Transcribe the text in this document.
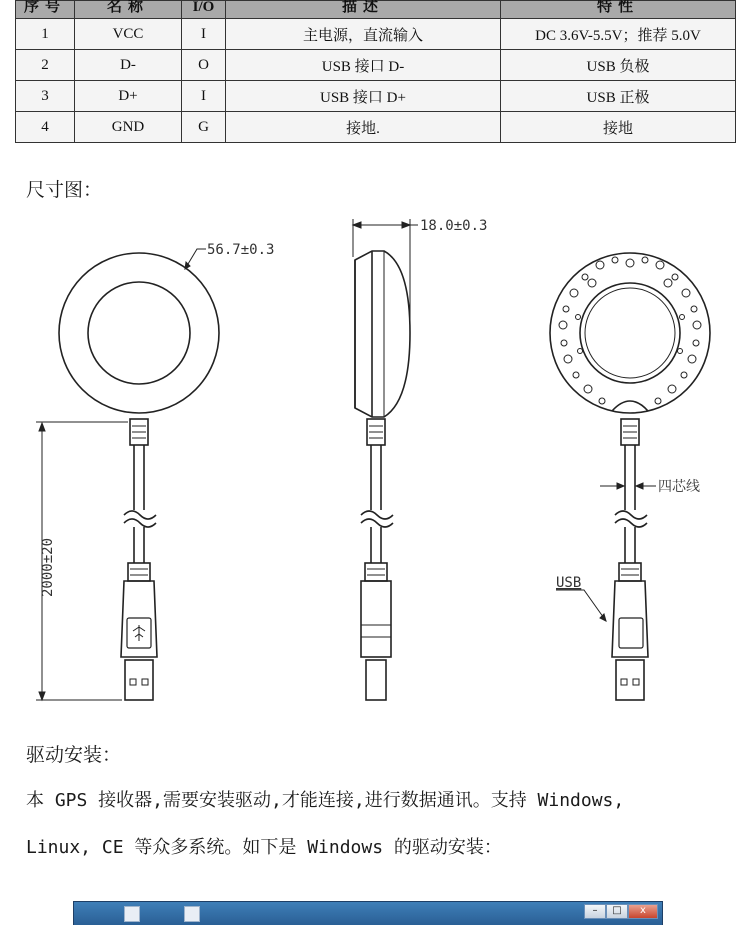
序号	名称	I/O	描述	特性
1	VCC	I	主电源，直流输入	DC 3.6V-5.5V；推荐 5.0V
2	D-	O	USB 接口 D-	USB 负极
3	D+	I	USB 接口 D+	USB 正极
4	GND	G	接地.	接地
尺寸图：
56.7±0.3
18.0±0.3
2000±20
四芯线
USB
驱动安装：
本 GPS 接收器,需要安装驱动,才能连接,进行数据通讯。支持 Windows,
Linux, CE 等众多系统。如下是 Windows 的驱动安装：
–	□	x
